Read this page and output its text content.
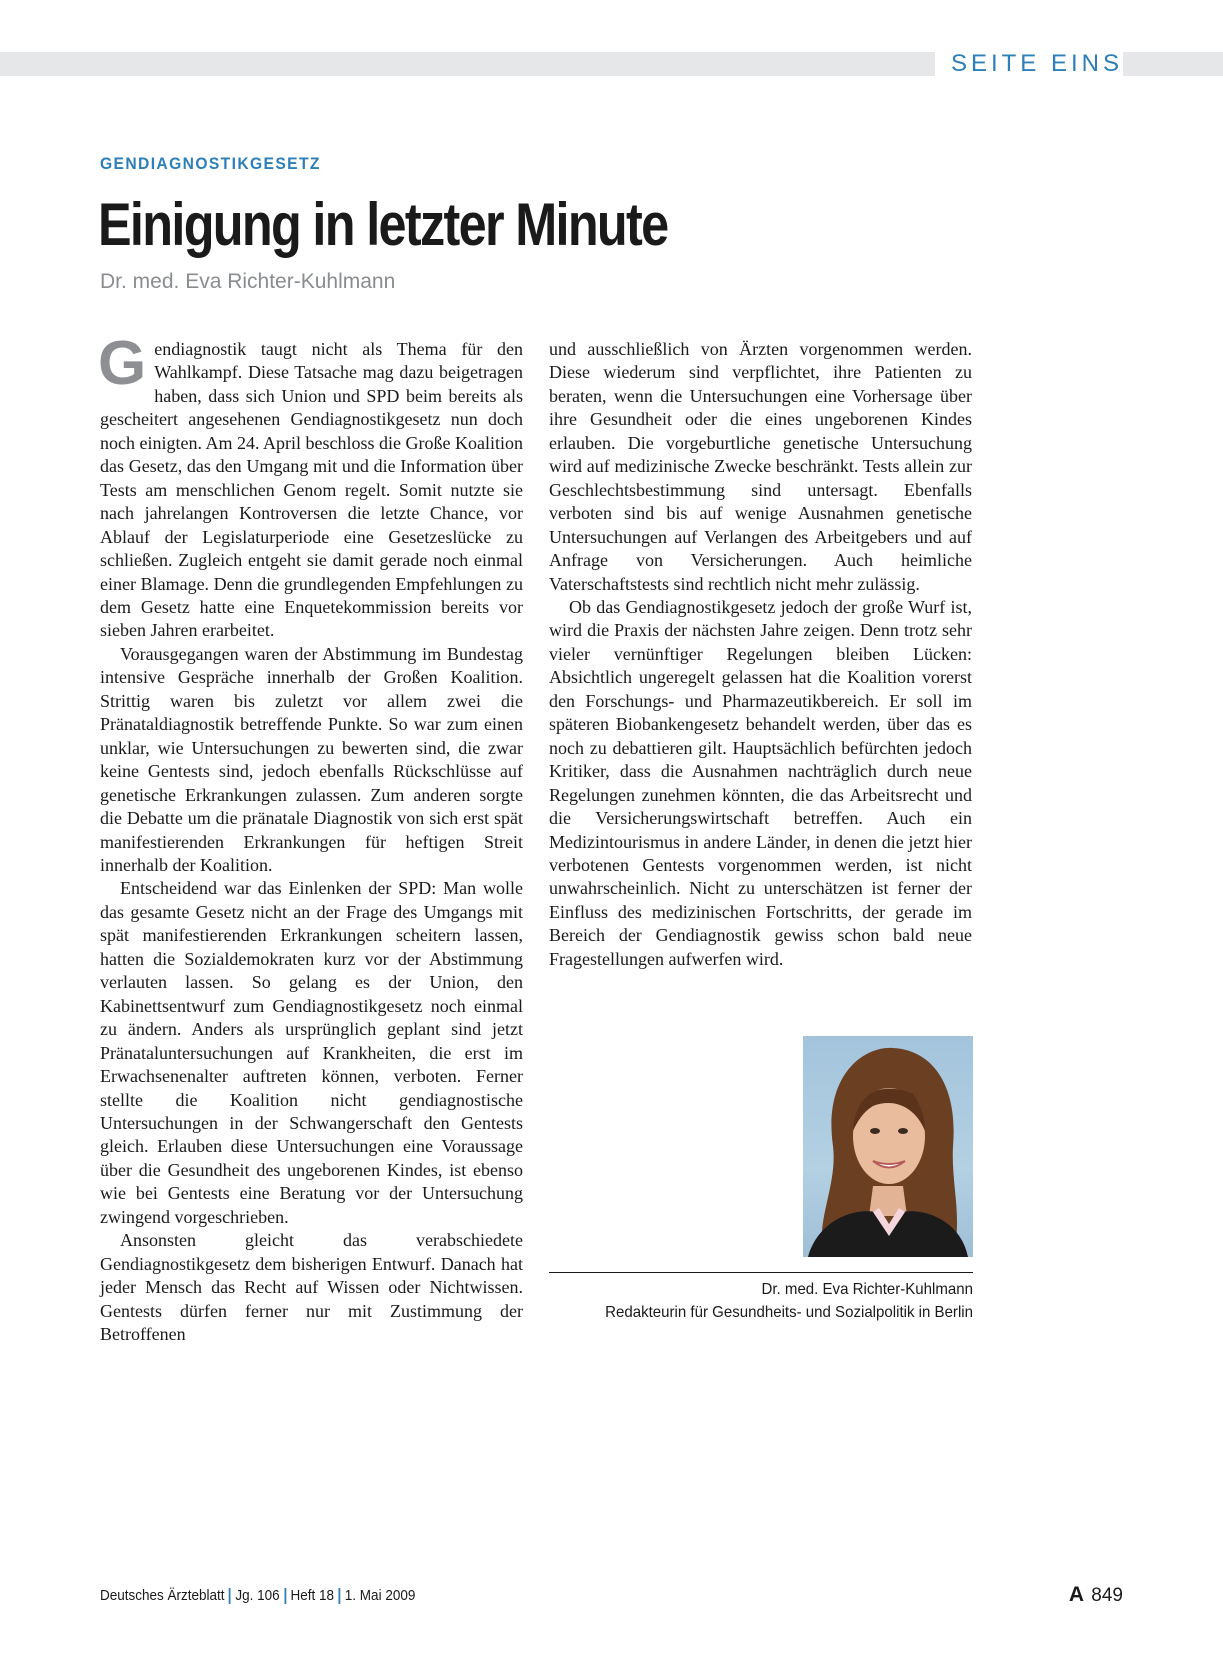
SEITE EINS
GENDIAGNOSTIKGESETZ
Einigung in letzter Minute
Dr. med. Eva Richter-Kuhlmann

Gendiagnostik taugt nicht als Thema für den Wahlkampf. Diese Tatsache mag dazu beigetragen haben, dass sich Union und SPD beim bereits als gescheitert angesehenen Gendiagnostikgesetz nun doch noch einigten. Am 24. April beschloss die Große Koalition das Gesetz, das den Umgang mit und die Information über Tests am menschlichen Genom regelt. Somit nutzte sie nach jahrelangen Kontroversen die letzte Chance, vor Ablauf der Legislaturperiode eine Gesetzeslücke zu schließen. Zugleich entgeht sie damit gerade noch einmal einer Blamage. Denn die grundlegenden Empfehlungen zu dem Gesetz hatte eine Enquetekommission bereits vor sieben Jahren erarbeitet.

Vorausgegangen waren der Abstimmung im Bundestag intensive Gespräche innerhalb der Großen Koalition. Strittig waren bis zuletzt vor allem zwei die Pränataldiagnostik betreffende Punkte. So war zum einen unklar, wie Untersuchungen zu bewerten sind, die zwar keine Gentests sind, jedoch ebenfalls Rückschlüsse auf genetische Erkrankungen zulassen. Zum anderen sorgte die Debatte um die pränatale Diagnostik von sich erst spät manifestierenden Erkrankungen für heftigen Streit innerhalb der Koalition.

Entscheidend war das Einlenken der SPD: Man wolle das gesamte Gesetz nicht an der Frage des Umgangs mit spät manifestierenden Erkrankungen scheitern lassen, hatten die Sozialdemokraten kurz vor der Abstimmung verlauten lassen. So gelang es der Union, den Kabinettsentwurf zum Gendiagnostikgesetz noch einmal zu ändern. Anders als ursprünglich geplant sind jetzt Pränataluntersuchungen auf Krankheiten, die erst im Erwachsenenalter auftreten können, verboten. Ferner stellte die Koalition nicht gendiagnostische Untersuchungen in der Schwangerschaft den Gentests gleich. Erlauben diese Untersuchungen eine Voraussage über die Gesundheit des ungeborenen Kindes, ist ebenso wie bei Gentests eine Beratung vor der Untersuchung zwingend vorgeschrieben.

Ansonsten gleicht das verabschiedete Gendiagnostikgesetz dem bisherigen Entwurf. Danach hat jeder Mensch das Recht auf Wissen oder Nichtwissen. Gentests dürfen ferner nur mit Zustimmung der Betroffenen

und ausschließlich von Ärzten vorgenommen werden. Diese wiederum sind verpflichtet, ihre Patienten zu beraten, wenn die Untersuchungen eine Vorhersage über ihre Gesundheit oder die eines ungeborenen Kindes erlauben. Die vorgeburtliche genetische Untersuchung wird auf medizinische Zwecke beschränkt. Tests allein zur Geschlechtsbestimmung sind untersagt. Ebenfalls verboten sind bis auf wenige Ausnahmen genetische Untersuchungen auf Verlangen des Arbeitgebers und auf Anfrage von Versicherungen. Auch heimliche Vaterschaftstests sind rechtlich nicht mehr zulässig.

Ob das Gendiagnostikgesetz jedoch der große Wurf ist, wird die Praxis der nächsten Jahre zeigen. Denn trotz sehr vieler vernünftiger Regelungen bleiben Lücken: Absichtlich ungeregelt gelassen hat die Koalition vorerst den Forschungs- und Pharmazeutikbereich. Er soll im späteren Biobankengesetz behandelt werden, über das es noch zu debattieren gilt. Hauptsächlich befürchten jedoch Kritiker, dass die Ausnahmen nachträglich durch neue Regelungen zunehmen könnten, die das Arbeitsrecht und die Versicherungswirtschaft betreffen. Auch ein Medizintourismus in andere Länder, in denen die jetzt hier verbotenen Gentests vorgenommen werden, ist nicht unwahrscheinlich. Nicht zu unterschätzen ist ferner der Einfluss des medizinischen Fortschritts, der gerade im Bereich der Gendiagnostik gewiss schon bald neue Fragestellungen aufwerfen wird.

Dr. med. Eva Richter-Kuhlmann
Redakteurin für Gesundheits- und Sozialpolitik in Berlin
Deutsches Ärzteblatt Jg. 106 Heft 18 1. Mai 2009	A 849
